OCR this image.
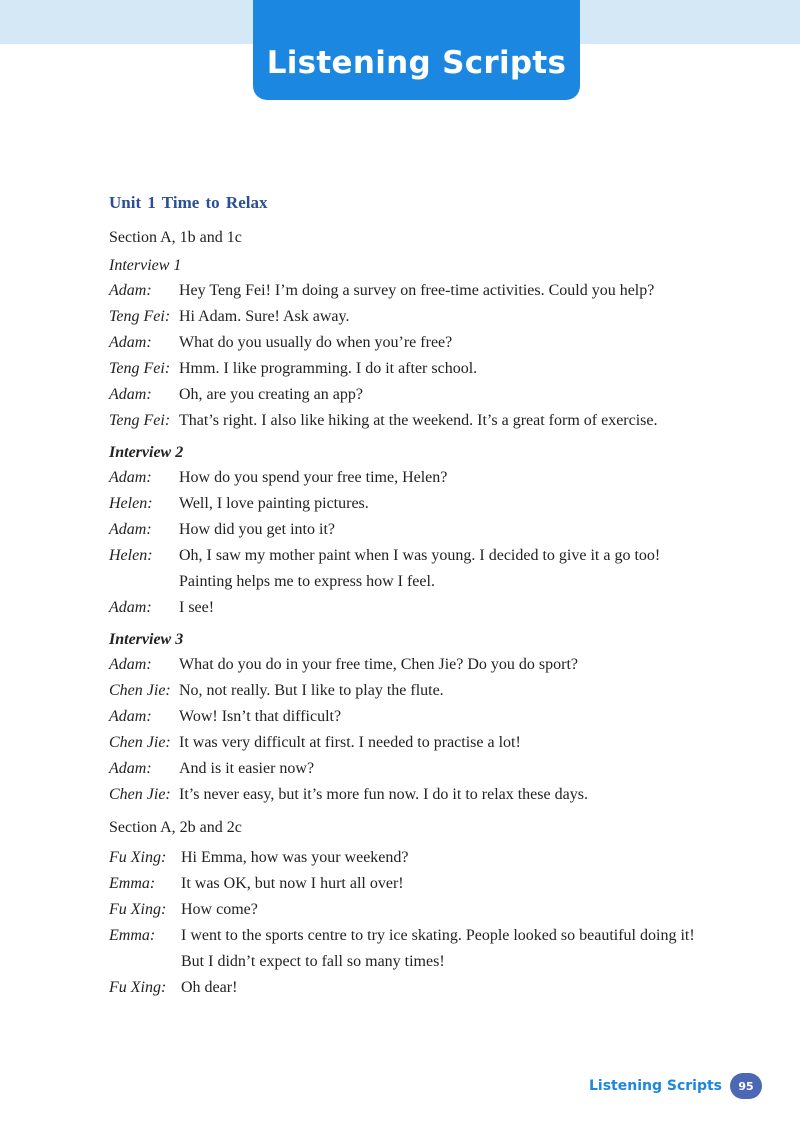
Listening Scripts
Unit 1 Time to Relax
Section A, 1b and 1c
Interview 1
Adam:	Hey Teng Fei! I’m doing a survey on free-time activities. Could you help?
Teng Fei: Hi Adam. Sure! Ask away.
Adam:	What do you usually do when you’re free?
Teng Fei: Hmm. I like programming. I do it after school.
Adam:	Oh, are you creating an app?
Teng Fei: That’s right. I also like hiking at the weekend. It’s a great form of exercise.
Interview 2
Adam:	How do you spend your free time, Helen?
Helen:	Well, I love painting pictures.
Adam:	How did you get into it?
Helen:	Oh, I saw my mother paint when I was young. I decided to give it a go too!
Painting helps me to express how I feel.
Adam:	I see!
Interview 3
Adam:	What do you do in your free time, Chen Jie? Do you do sport?
Chen Jie: No, not really. But I like to play the flute.
Adam:	Wow! Isn’t that difficult?
Chen Jie: It was very difficult at first. I needed to practise a lot!
Adam:	And is it easier now?
Chen Jie: It’s never easy, but it’s more fun now. I do it to relax these days.
Section A, 2b and 2c
Fu Xing: Hi Emma, how was your weekend?
Emma:	It was OK, but now I hurt all over!
Fu Xing: How come?
Emma:	I went to the sports centre to try ice skating. People looked so beautiful doing it!
But I didn’t expect to fall so many times!
Fu Xing: Oh dear!
Listening Scripts	95
